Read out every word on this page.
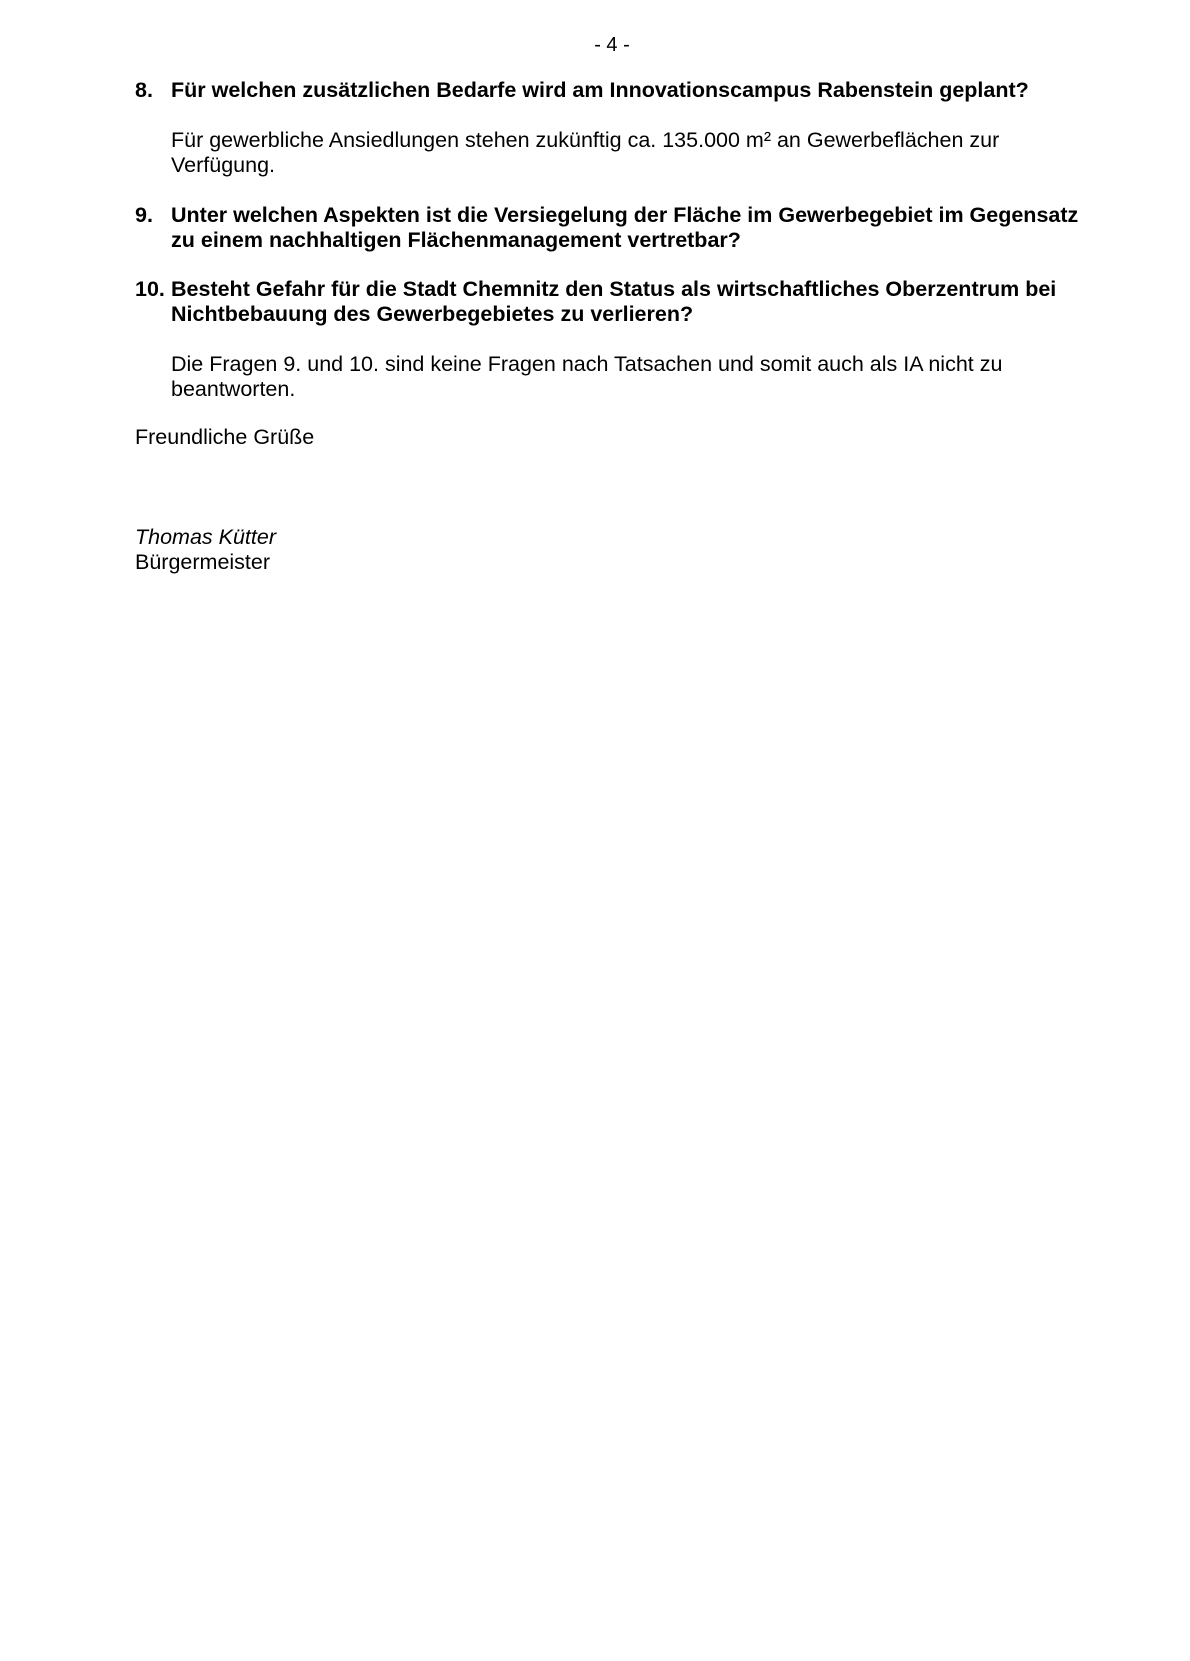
- 4 -
8. Für welchen zusätzlichen Bedarfe wird am Innovationscampus Rabenstein geplant?
Für gewerbliche Ansiedlungen stehen zukünftig ca. 135.000 m² an Gewerbeflächen zur Verfügung.
9. Unter welchen Aspekten ist die Versiegelung der Fläche im Gewerbegebiet im Gegensatz zu einem nachhaltigen Flächenmanagement vertretbar?
10. Besteht Gefahr für die Stadt Chemnitz den Status als wirtschaftliches Oberzentrum bei Nichtbebauung des Gewerbegebietes zu verlieren?
Die Fragen 9. und 10. sind keine Fragen nach Tatsachen und somit auch als IA nicht zu beantworten.
Freundliche Grüße
Thomas Kütter
Bürgermeister
